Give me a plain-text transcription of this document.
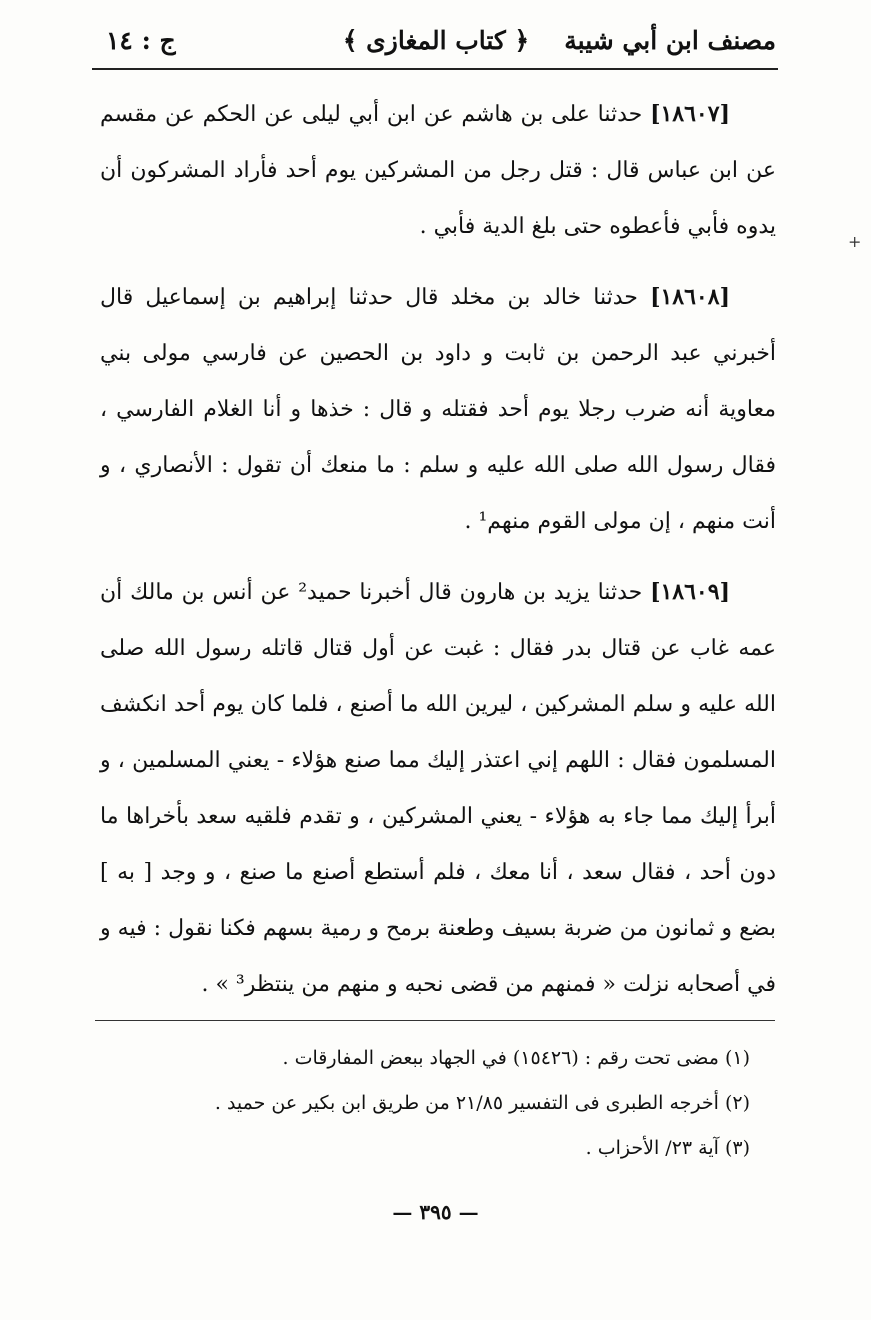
مصنف ابن أبي شيبة
﴿ كتاب المغازى ﴾
ج : ١٤

[١٨٦٠٧] حدثنا على بن هاشم عن ابن أبي ليلى عن الحكم عن مقسم عن ابن عباس قال : قتل رجل من المشركين يوم أحد فأراد المشركون أن يدوه فأبي فأعطوه حتى بلغ الدية فأبي .

[١٨٦٠٨] حدثنا خالد بن مخلد قال حدثنا إبراهيم بن إسماعيل قال أخبرني عبد الرحمن بن ثابت و داود بن الحصين عن فارسي مولى بني معاوية أنه ضرب رجلا يوم أحد فقتله و قال : خذها و أنا الغلام الفارسي ، فقال رسول الله صلى الله عليه و سلم : ما منعك أن تقول : الأنصاري ، و أنت منهم ، إن مولى القوم منهم¹ .

[١٨٦٠٩] حدثنا يزيد بن هارون قال أخبرنا حميد² عن أنس بن مالك أن عمه غاب عن قتال بدر فقال : غبت عن أول قتال قاتله رسول الله صلى الله عليه و سلم المشركين ، ليرين الله ما أصنع ، فلما كان يوم أحد انكشف المسلمون فقال : اللهم إني اعتذر إليك مما صنع هؤلاء - يعني المسلمين ، و أبرأ إليك مما جاء به هؤلاء - يعني المشركين ، و تقدم فلقيه سعد بأخراها ما دون أحد ، فقال سعد ، أنا معك ، فلم أستطع أصنع ما صنع ، و وجد [ به ] بضع و ثمانون من ضربة بسيف وطعنة برمح و رمية بسهم فكنا نقول : فيه و في أصحابه نزلت « فمنهم من قضى نحبه و منهم من ينتظر³ » .

(١) مضى تحت رقم : (١٥٤٢٦) في الجهاد ببعض المفارقات .

(٢) أخرجه الطبرى فى التفسير ٢١/٨٥ من طريق ابن بكير عن حميد .

(٣) آية ٢٣/ الأحزاب .

— ٣٩٥ —
+
